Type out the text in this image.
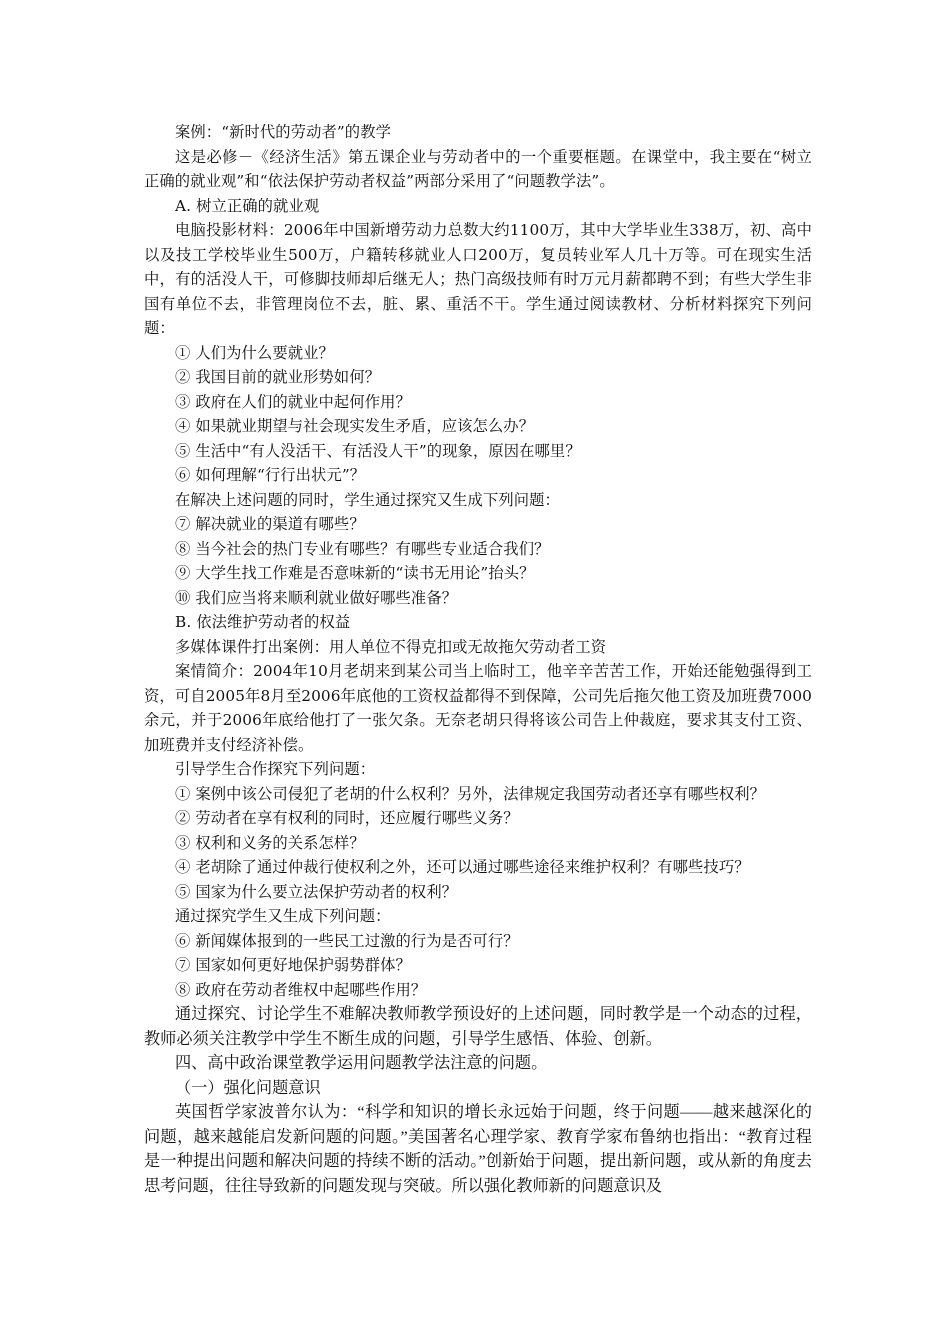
案例：“新时代的劳动者”的教学

这是必修－《经济生活》第五课企业与劳动者中的一个重要框题。在课堂中，我主要在“树立正确的就业观”和“依法保护劳动者权益”两部分采用了“问题教学法”。

A. 树立正确的就业观

电脑投影材料：2006年中国新增劳动力总数大约1100万，其中大学毕业生338万，初、高中以及技工学校毕业生500万，户籍转移就业人口200万，复员转业军人几十万等。可在现实生活中，有的活没人干，可修脚技师却后继无人；热门高级技师有时万元月薪都聘不到；有些大学生非国有单位不去，非管理岗位不去，脏、累、重活不干。学生通过阅读教材、分析材料探究下列问题：

① 人们为什么要就业？

② 我国目前的就业形势如何？

③ 政府在人们的就业中起何作用？

④ 如果就业期望与社会现实发生矛盾，应该怎么办？

⑤ 生活中“有人没活干、有活没人干”的现象，原因在哪里？

⑥ 如何理解“行行出状元”？

在解决上述问题的同时，学生通过探究又生成下列问题：

⑦ 解决就业的渠道有哪些？

⑧ 当今社会的热门专业有哪些？有哪些专业适合我们？

⑨ 大学生找工作难是否意味新的“读书无用论”抬头？

⑩ 我们应当将来顺利就业做好哪些准备？

B. 依法维护劳动者的权益

多媒体课件打出案例：用人单位不得克扣或无故拖欠劳动者工资

案情简介：2004年10月老胡来到某公司当上临时工，他辛辛苦苦工作，开始还能勉强得到工资，可自2005年8月至2006年底他的工资权益都得不到保障，公司先后拖欠他工资及加班费7000余元，并于2006年底给他打了一张欠条。无奈老胡只得将该公司告上仲裁庭，要求其支付工资、加班费并支付经济补偿。

引导学生合作探究下列问题：

① 案例中该公司侵犯了老胡的什么权利？另外，法律规定我国劳动者还享有哪些权利？

② 劳动者在享有权利的同时，还应履行哪些义务？

③ 权利和义务的关系怎样？

④ 老胡除了通过仲裁行使权利之外，还可以通过哪些途径来维护权利？有哪些技巧？

⑤ 国家为什么要立法保护劳动者的权利？

通过探究学生又生成下列问题：

⑥ 新闻媒体报到的一些民工过激的行为是否可行？

⑦ 国家如何更好地保护弱势群体？

⑧ 政府在劳动者维权中起哪些作用？

通过探究、讨论学生不难解决教师教学预设好的上述问题，同时教学是一个动态的过程，教师必须关注教学中学生不断生成的问题，引导学生感悟、体验、创新。

四、高中政治课堂教学运用问题教学法注意的问题。

（一）强化问题意识

英国哲学家波普尔认为：“科学和知识的增长永远始于问题，终于问题——越来越深化的问题，越来越能启发新问题的问题。”美国著名心理学家、教育学家布鲁纳也指出：“教育过程是一种提出问题和解决问题的持续不断的活动。”创新始于问题，提出新问题，或从新的角度去思考问题，往往导致新的问题发现与突破。所以强化教师新的问题意识及
